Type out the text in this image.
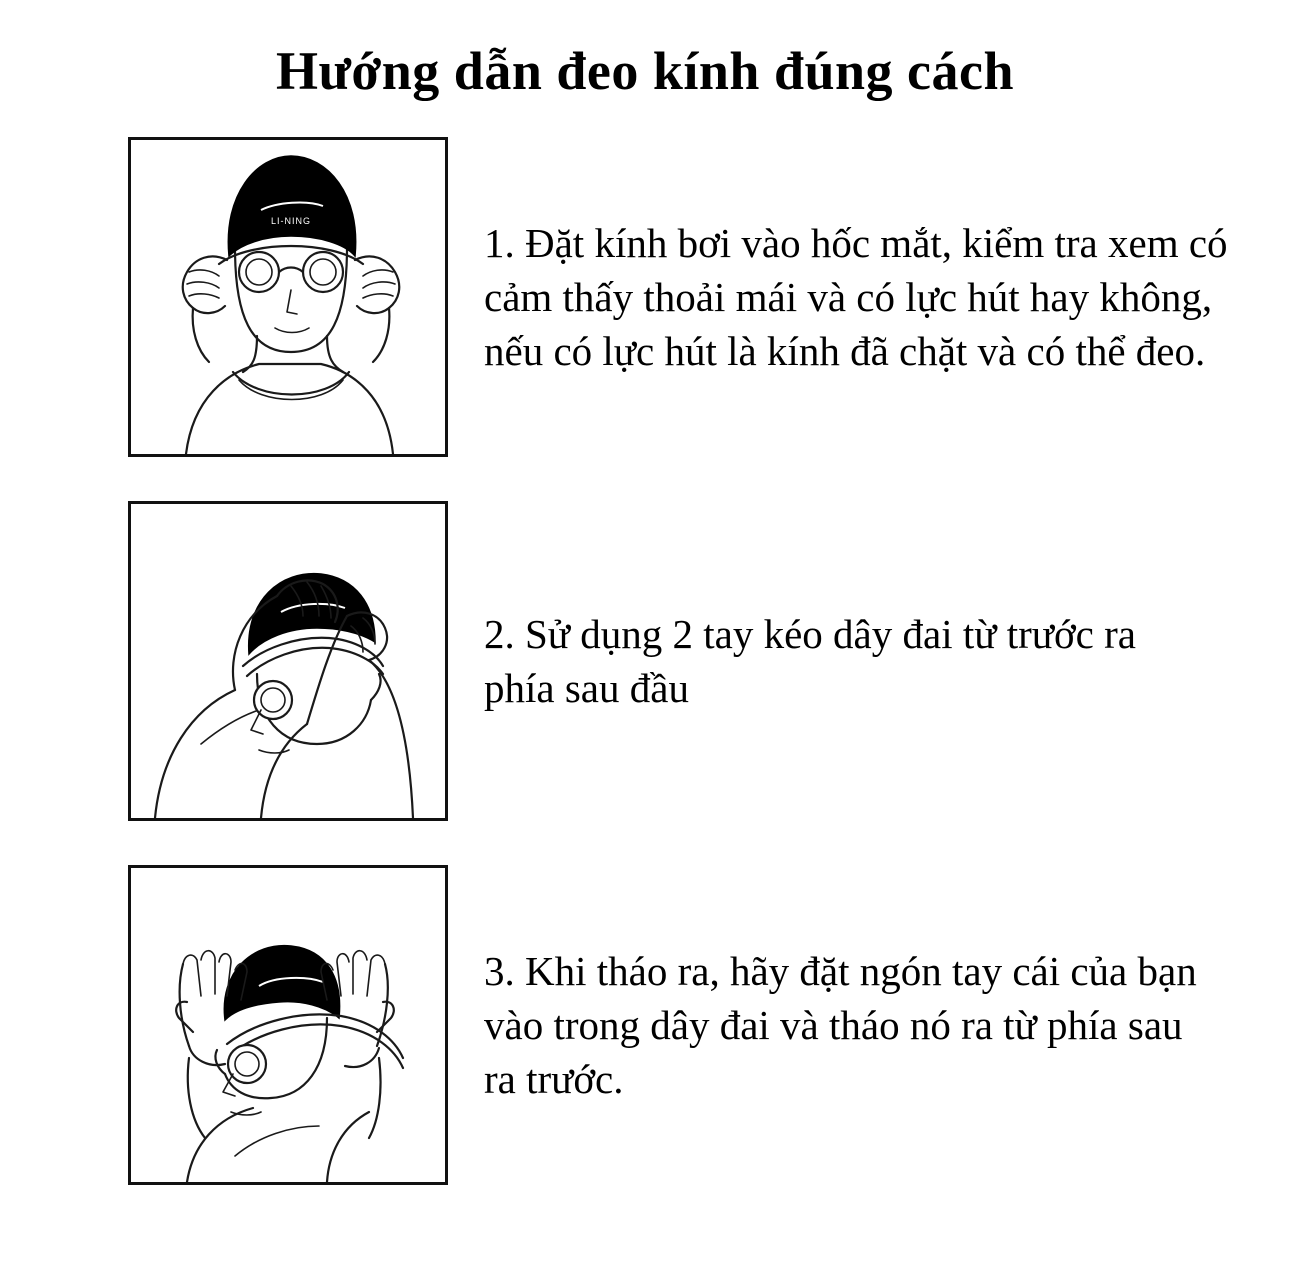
Hướng dẫn đeo kính đúng cách
LI-NING	1. Đặt kính bơi vào hốc mắt, kiểm tra xem có cảm thấy thoải mái và có lực hút hay không, nếu có lực hút là kính đã chặt và có thể đeo.
2. Sử dụng 2 tay kéo dây đai từ trước ra phía sau đầu
3. Khi tháo ra, hãy đặt ngón tay cái của bạn vào trong dây đai và tháo nó ra từ phía sau ra trước.
